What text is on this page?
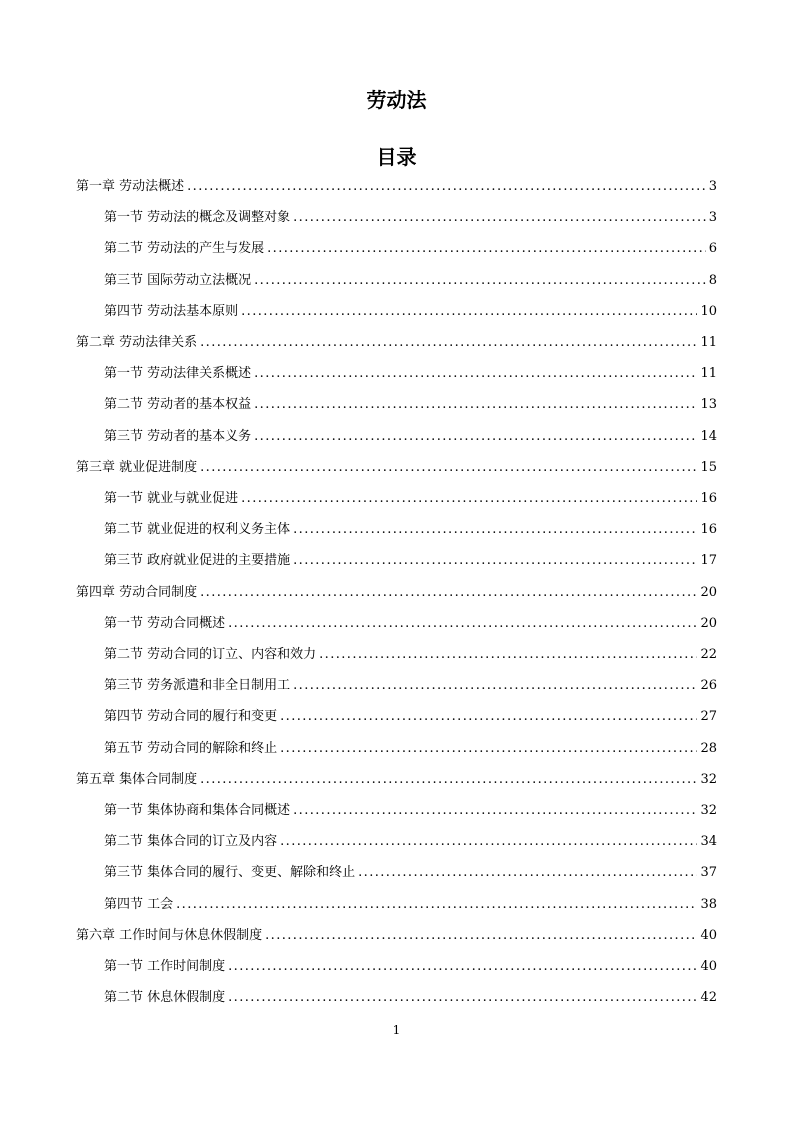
劳动法
目录
第一章 劳动法概述 .....	3
第一节 劳动法的概念及调整对象 .....	3
第二节 劳动法的产生与发展 .....	6
第三节 国际劳动立法概况 .....	8
第四节 劳动法基本原则 .....	10
第二章 劳动法律关系 .....	11
第一节 劳动法律关系概述 .....	11
第二节 劳动者的基本权益 .....	13
第三节 劳动者的基本义务 .....	14
第三章 就业促进制度 .....	15
第一节 就业与就业促进 .....	16
第二节 就业促进的权利义务主体 .....	16
第三节 政府就业促进的主要措施 .....	17
第四章 劳动合同制度 .....	20
第一节 劳动合同概述 .....	20
第二节 劳动合同的订立、内容和效力 .....	22
第三节 劳务派遣和非全日制用工 .....	26
第四节 劳动合同的履行和变更 .....	27
第五节 劳动合同的解除和终止 .....	28
第五章 集体合同制度 .....	32
第一节 集体协商和集体合同概述 .....	32
第二节 集体合同的订立及内容 .....	34
第三节 集体合同的履行、变更、解除和终止 .....	37
第四节 工会 .....	38
第六章 工作时间与休息休假制度 .....	40
第一节 工作时间制度 .....	40
第二节 休息休假制度 .....	42
1
